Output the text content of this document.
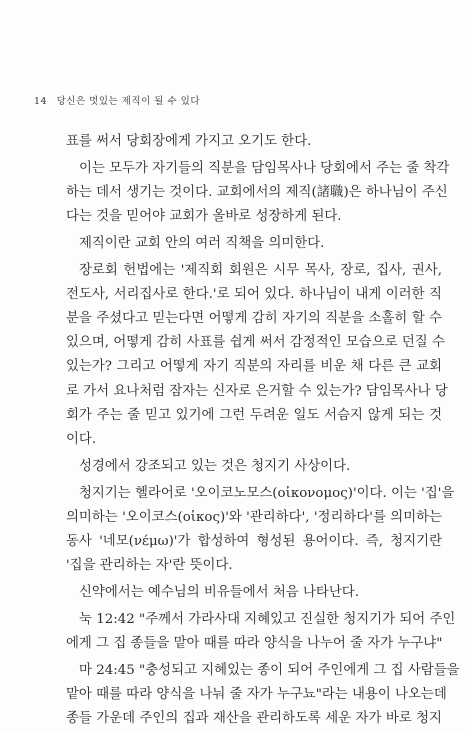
14 당신은 멋있는 제직이 될 수 있다
표를 써서 당회장에게 가지고 오기도 한다.
이는 모두가 자기들의 직분을 담임목사나 당회에서 주는 줄 착각
하는 데서 생기는 것이다. 교회에서의 제직(諸職)은 하나님이 주신
다는 것을 믿어야 교회가 올바로 성장하게 된다.
제직이란 교회 안의 여러 직책을 의미한다.
장로회 헌법에는 '제직회 회원은 시무 목사, 장로, 집사, 권사,
전도사, 서리집사로 한다.'로 되어 있다. 하나님이 내게 이러한 직
분을 주셨다고 믿는다면 어떻게 감히 자기의 직분을 소홀히 할 수
있으며, 어떻게 감히 사표를 쉽게 써서 감정적인 모습으로 던질 수
있는가? 그리고 어떻게 자기 직분의 자리를 비운 채 다른 큰 교회
로 가서 요나처럼 잠자는 신자로 은거할 수 있는가? 담임목사나 당
회가 주는 줄 믿고 있기에 그런 두려운 일도 서슴지 않게 되는 것
이다.
성경에서 강조되고 있는 것은 청지기 사상이다.
청지기는 헬라어로 '오이코노모스(οἰκονομος)'이다. 이는 '집'을
의미하는 '오이코스(οἰκος)'와 '관리하다', '정리하다'를 의미하는
동사 '네모(νέμω)'가 합성하여 형성된 용어이다. 즉, 청지기란
'집을 관리하는 자'란 뜻이다.
신약에서는 예수님의 비유들에서 처음 나타난다.
눅 12:42 "주께서 가라사대 지혜있고 진실한 청지기가 되어 주인
에게 그 집 종들을 맡아 때를 따라 양식을 나누어 줄 자가 누구냐"
마 24:45 "충성되고 지혜있는 종이 되어 주인에게 그 집 사람들을
맡아 때를 따라 양식을 나눠 줄 자가 누구뇨"라는 내용이 나오는데
종들 가운데 주인의 집과 재산을 관리하도록 세운 자가 바로 청지
